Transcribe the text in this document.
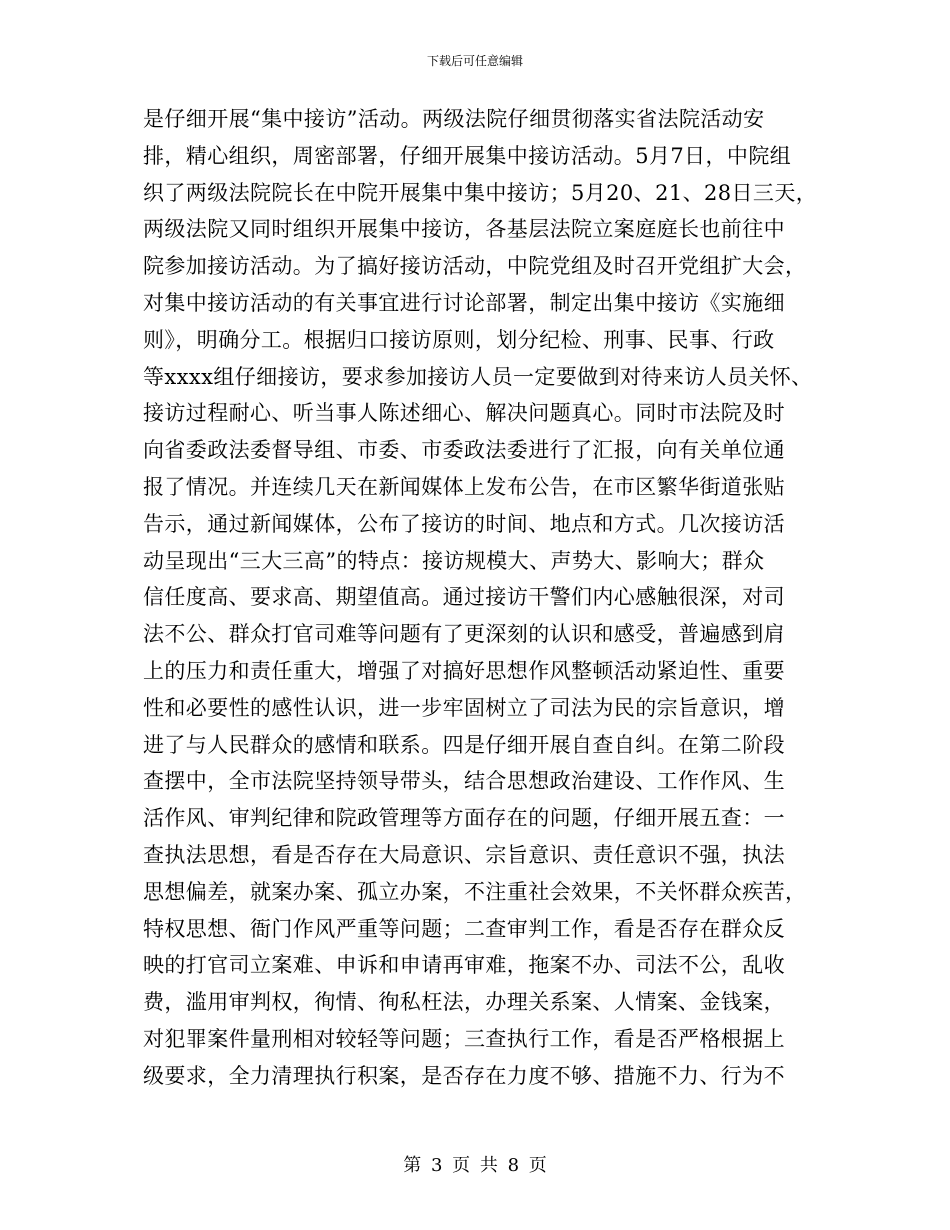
下载后可任意编辑
是仔细开展“集中接访”活动。两级法院仔细贯彻落实省法院活动安
排，精心组织，周密部署，仔细开展集中接访活动。5月7日，中院组
织了两级法院院长在中院开展集中集中接访；5月20、21、28日三天，
两级法院又同时组织开展集中接访，各基层法院立案庭庭长也前往中
院参加接访活动。为了搞好接访活动，中院党组及时召开党组扩大会，
对集中接访活动的有关事宜进行讨论部署，制定出集中接访《实施细
则》，明确分工。根据归口接访原则，划分纪检、刑事、民事、行政
等xxxx组仔细接访，要求参加接访人员一定要做到对待来访人员关怀、
接访过程耐心、听当事人陈述细心、解决问题真心。同时市法院及时
向省委政法委督导组、市委、市委政法委进行了汇报，向有关单位通
报了情况。并连续几天在新闻媒体上发布公告，在市区繁华街道张贴
告示，通过新闻媒体，公布了接访的时间、地点和方式。几次接访活
动呈现出“三大三高”的特点：接访规模大、声势大、影响大；群众
信任度高、要求高、期望值高。通过接访干警们内心感触很深，对司
法不公、群众打官司难等问题有了更深刻的认识和感受，普遍感到肩
上的压力和责任重大，增强了对搞好思想作风整顿活动紧迫性、重要
性和必要性的感性认识，进一步牢固树立了司法为民的宗旨意识，增
进了与人民群众的感情和联系。四是仔细开展自查自纠。在第二阶段
查摆中，全市法院坚持领导带头，结合思想政治建设、工作作风、生
活作风、审判纪律和院政管理等方面存在的问题，仔细开展五查：一
查执法思想，看是否存在大局意识、宗旨意识、责任意识不强，执法
思想偏差，就案办案、孤立办案，不注重社会效果，不关怀群众疾苦，
特权思想、衙门作风严重等问题；二查审判工作，看是否存在群众反
映的打官司立案难、申诉和申请再审难，拖案不办、司法不公，乱收
费，滥用审判权，徇情、徇私枉法，办理关系案、人情案、金钱案，
对犯罪案件量刑相对较轻等问题；三查执行工作，看是否严格根据上
级要求，全力清理执行积案，是否存在力度不够、措施不力、行为不
第 3 页 共 8 页
